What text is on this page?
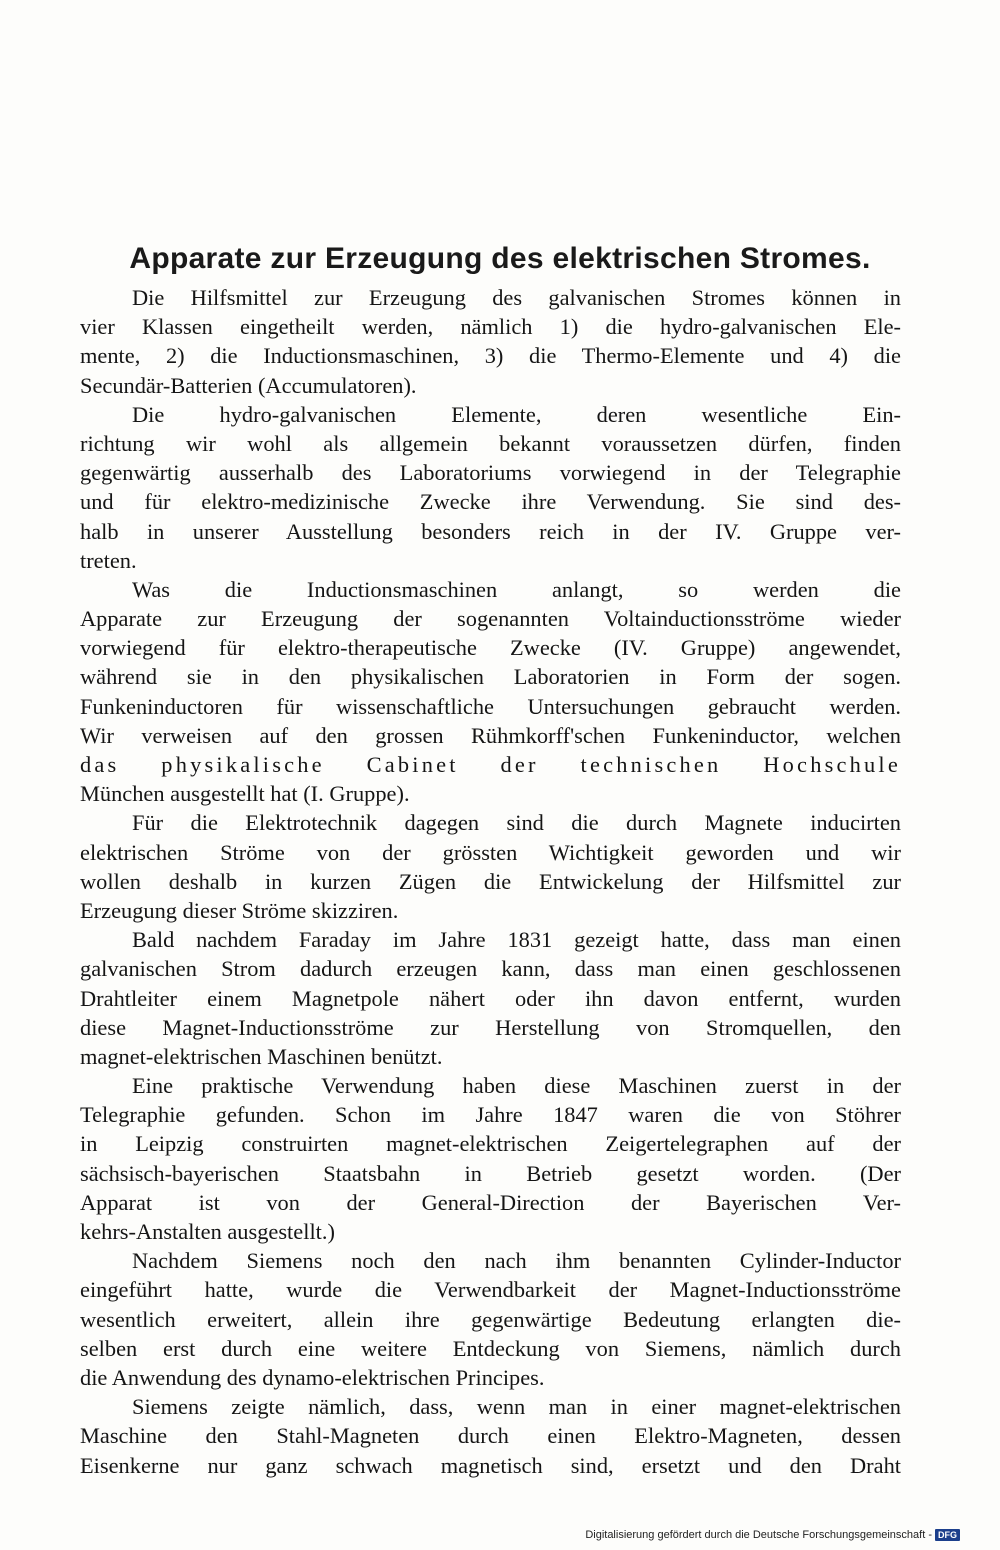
Apparate zur Erzeugung des elektrischen Stromes.
Die Hilfsmittel zur Erzeugung des galvanischen Stromes können in
vier Klassen eingetheilt werden, nämlich 1) die hydro-galvanischen Ele-
mente, 2) die Inductionsmaschinen, 3) die Thermo-Elemente und 4) die
Secundär-Batterien (Accumulatoren).
Die hydro-galvanischen Elemente, deren wesentliche Ein-
richtung wir wohl als allgemein bekannt voraussetzen dürfen, finden
gegenwärtig ausserhalb des Laboratoriums vorwiegend in der Telegraphie
und für elektro-medizinische Zwecke ihre Verwendung. Sie sind des-
halb in unserer Ausstellung besonders reich in der IV. Gruppe ver-
treten.
Was die Inductionsmaschinen anlangt, so werden die
Apparate zur Erzeugung der sogenannten Voltainductionsströme wieder
vorwiegend für elektro-therapeutische Zwecke (IV. Gruppe) angewendet,
während sie in den physikalischen Laboratorien in Form der sogen.
Funkeninductoren für wissenschaftliche Untersuchungen gebraucht werden.
Wir verweisen auf den grossen Rühmkorff'schen Funkeninductor, welchen
das physikalische Cabinet der technischen Hochschule
München ausgestellt hat (I. Gruppe).
Für die Elektrotechnik dagegen sind die durch Magnete inducirten
elektrischen Ströme von der grössten Wichtigkeit geworden und wir
wollen deshalb in kurzen Zügen die Entwickelung der Hilfsmittel zur
Erzeugung dieser Ströme skizziren.
Bald nachdem Faraday im Jahre 1831 gezeigt hatte, dass man einen
galvanischen Strom dadurch erzeugen kann, dass man einen geschlossenen
Drahtleiter einem Magnetpole nähert oder ihn davon entfernt, wurden
diese Magnet-Inductionsströme zur Herstellung von Stromquellen, den
magnet-elektrischen Maschinen benützt.
Eine praktische Verwendung haben diese Maschinen zuerst in der
Telegraphie gefunden. Schon im Jahre 1847 waren die von Stöhrer
in Leipzig construirten magnet-elektrischen Zeigertelegraphen auf der
sächsisch-bayerischen Staatsbahn in Betrieb gesetzt worden. (Der
Apparat ist von der General-Direction der Bayerischen Ver-
kehrs-Anstalten ausgestellt.)
Nachdem Siemens noch den nach ihm benannten Cylinder-Inductor
eingeführt hatte, wurde die Verwendbarkeit der Magnet-Inductionsströme
wesentlich erweitert, allein ihre gegenwärtige Bedeutung erlangten die-
selben erst durch eine weitere Entdeckung von Siemens, nämlich durch
die Anwendung des dynamo-elektrischen Principes.
Siemens zeigte nämlich, dass, wenn man in einer magnet-elektrischen
Maschine den Stahl-Magneten durch einen Elektro-Magneten, dessen
Eisenkerne nur ganz schwach magnetisch sind, ersetzt und den Draht
Digitalisierung gefördert durch die Deutsche Forschungsgemeinschaft - DFG
